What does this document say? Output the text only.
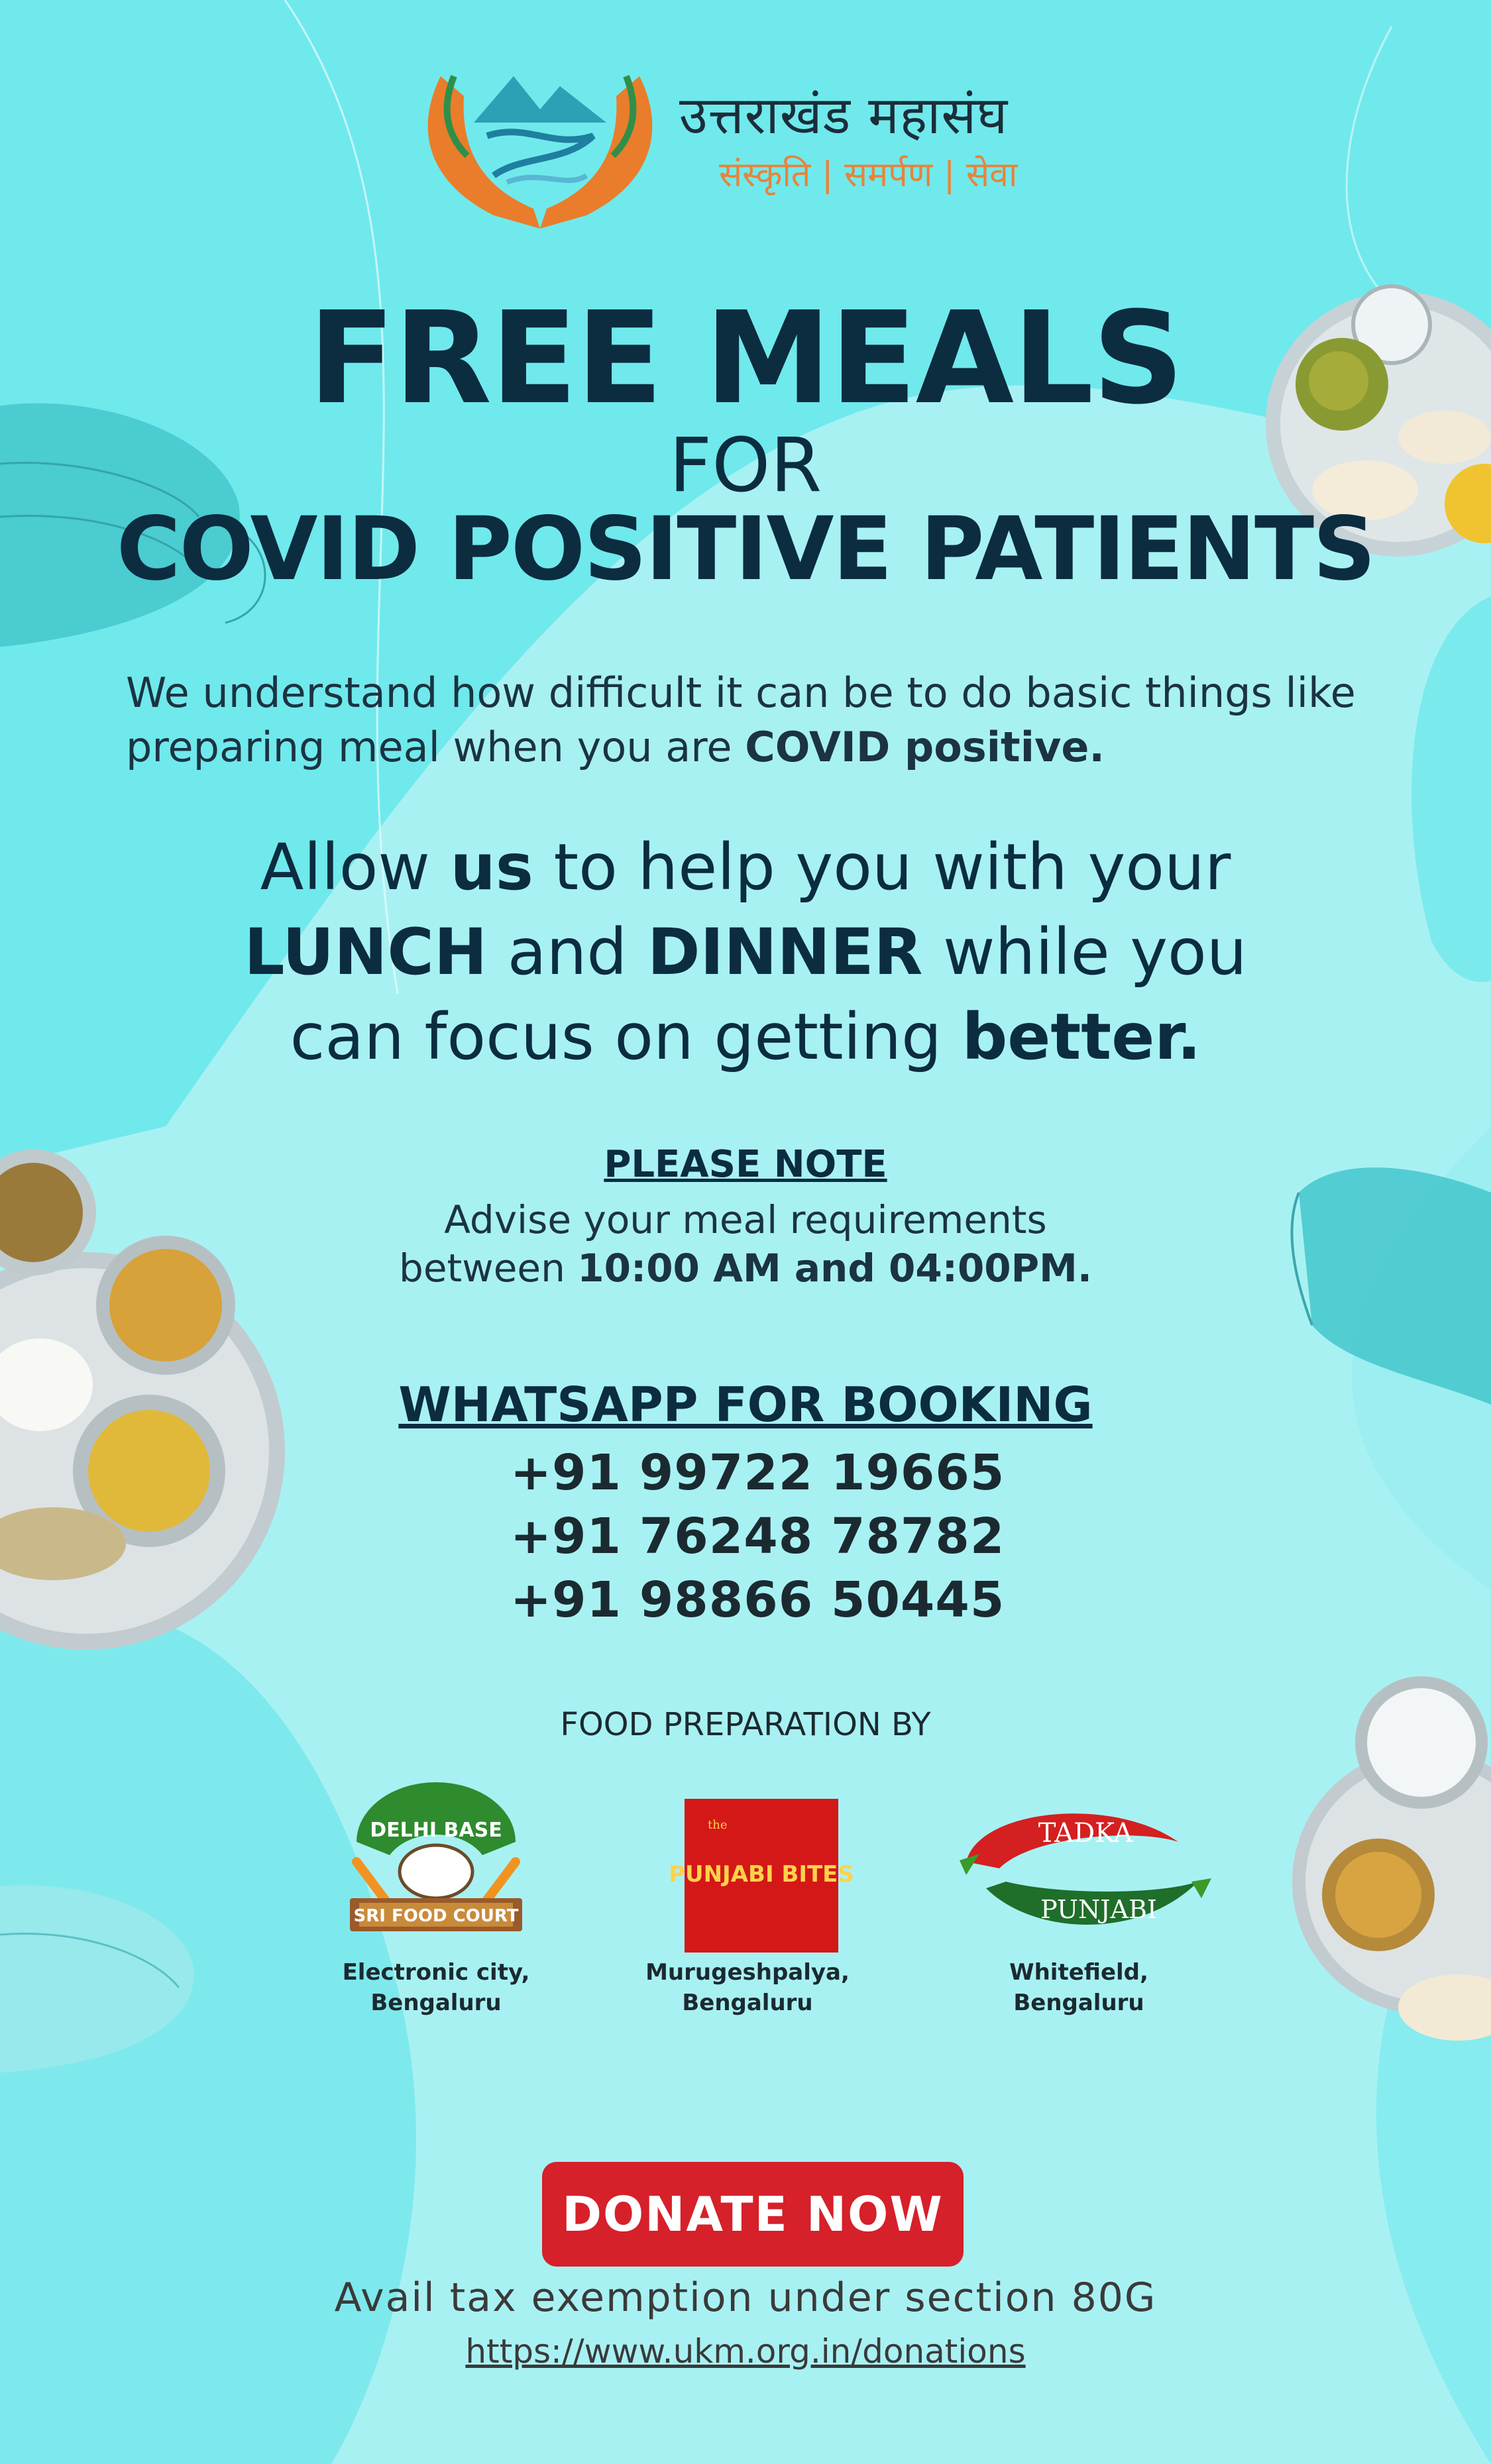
उत्तराखंड महासंघ
संस्कृति | समर्पण | सेवा
FREE MEALS
FOR
COVID POSITIVE PATIENTS
We understand how difficult it can be to do basic things like
preparing meal when you are COVID positive.
Allow us to help you with your
LUNCH and DINNER while you
can focus on getting better.
PLEASE NOTE
Advise your meal requirements
between 10:00 AM and 04:00PM.
WHATSAPP FOR BOOKING
+91 99722 19665
+91 76248 78782
+91 98866 50445
FOOD PREPARATION BY
DELHI BASE
SRI FOOD COURT
Electronic city,
Bengaluru
the
PUNJABI BITES
Murugeshpalya,
Bengaluru
TADKA
PUNJABI
Whitefield,
Bengaluru
DONATE NOW
Avail tax exemption under section 80G
https://www.ukm.org.in/donations
